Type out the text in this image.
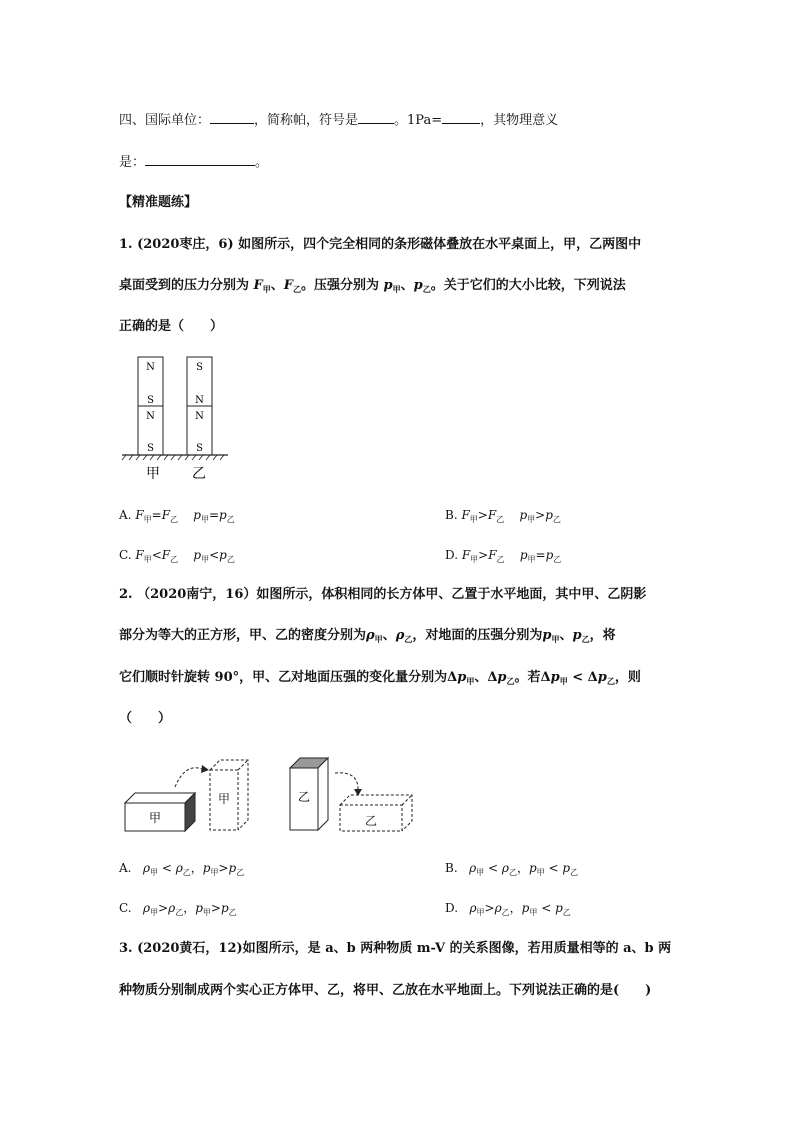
四、国际单位：	，简称帕，符号是	。1Pa=	，其物理意义
是：	。
【精准题练】
1. (2020枣庄，6) 如图所示，四个完全相同的条形磁体叠放在水平桌面上，甲，乙两图中
桌面受到的压力分别为 $F_甲$、$F_乙$。压强分别为 $p_甲$、$p_乙$。关于它们的大小比较，下列说法
正确的是（　　）
N
S
N
S
S
N
N
S
甲 乙
A. $F_甲=F_乙$ $p_甲=p_乙$	B. $F_甲>F_乙$ $p_甲>p_乙$
C. $F_甲<F_乙$ $p_甲<p_乙$	D. $F_甲>F_乙$ $p_甲=p_乙$
2. （2020南宁，16）如图所示，体积相同的长方体甲、乙置于水平地面，其中甲、乙阴影
部分为等大的正方形，甲、乙的密度分别为$\rho_甲$、$\rho_乙$，对地面的压强分别为$p_甲$、$p_乙$，将
它们顺时针旋转 90°，甲、乙对地面压强的变化量分别为$\Delta p_甲$、$\Delta p_乙$。若$\Delta p_甲 < \Delta p_乙$，则
（　　）
甲
甲	乙
乙
A. $\rho_甲 < \rho_乙$，$p_甲>p_乙$	B. $\rho_甲 < \rho_乙$，$p_甲 < p_乙$
C. $\rho_甲>\rho_乙$，$p_甲>p_乙$	D. $\rho_甲>\rho_乙$，$p_甲 < p_乙$
3. (2020黄石，12)如图所示，是 a、b 两种物质 m-V 的关系图像，若用质量相等的 a、b 两
种物质分别制成两个实心正方体甲、乙，将甲、乙放在水平地面上。下列说法正确的是(　　)
